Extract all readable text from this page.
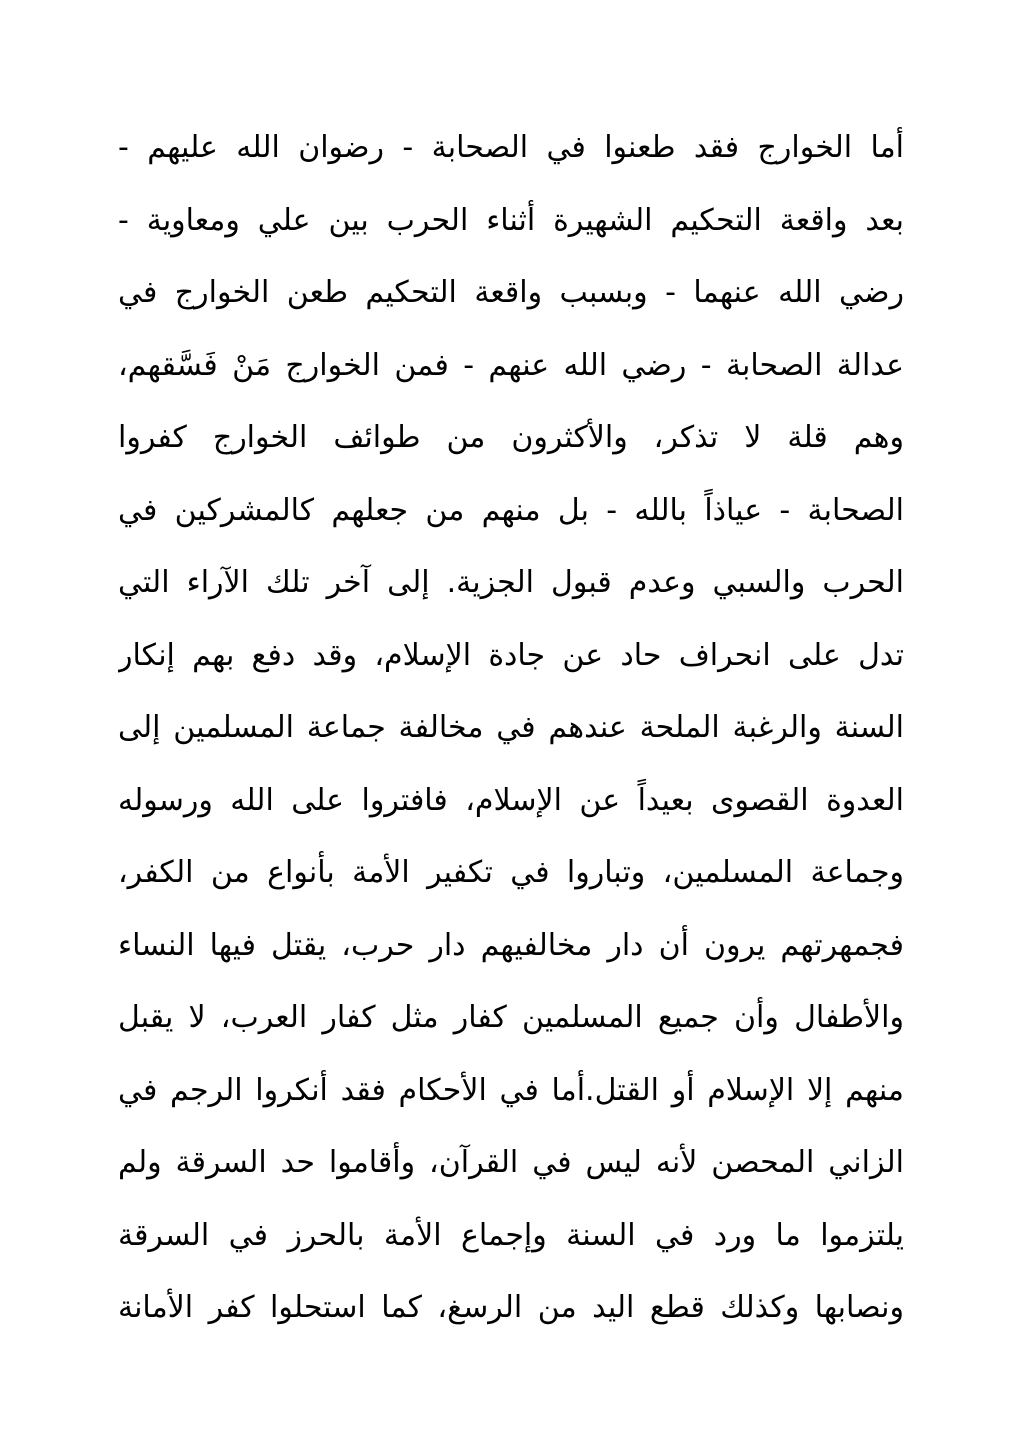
أما الخوارج فقد طعنوا في الصحابة - رضوان الله عليهم -
بعد واقعة التحكيم الشهيرة أثناء الحرب بين علي ومعاوية -
رضي الله عنهما - وبسبب واقعة التحكيم طعن الخوارج في
عدالة الصحابة - رضي الله عنهم - فمن الخوارج مَنْ فَسَّقهم،
وهم قلة لا تذكر، والأكثرون من طوائف الخوارج كفروا
الصحابة - عياذاً بالله - بل منهم من جعلهم كالمشركين في
الحرب والسبي وعدم قبول الجزية. إلى آخر تلك الآراء التي
تدل على انحراف حاد عن جادة الإسلام، وقد دفع بهم إنكار
السنة والرغبة الملحة عندهم في مخالفة جماعة المسلمين إلى
العدوة القصوى بعيداً عن الإسلام، فافتروا على الله ورسوله
وجماعة المسلمين، وتباروا في تكفير الأمة بأنواع من الكفر،
فجمهرتهم يرون أن دار مخالفيهم دار حرب، يقتل فيها النساء
والأطفال وأن جميع المسلمين كفار مثل كفار العرب، لا يقبل
منهم إلا الإسلام أو القتل.أما في الأحكام فقد أنكروا الرجم في
الزاني المحصن لأنه ليس في القرآن، وأقاموا حد السرقة ولم
يلتزموا ما ورد في السنة وإجماع الأمة بالحرز في السرقة
ونصابها وكذلك قطع اليد من الرسغ، كما استحلوا كفر الأمانة
